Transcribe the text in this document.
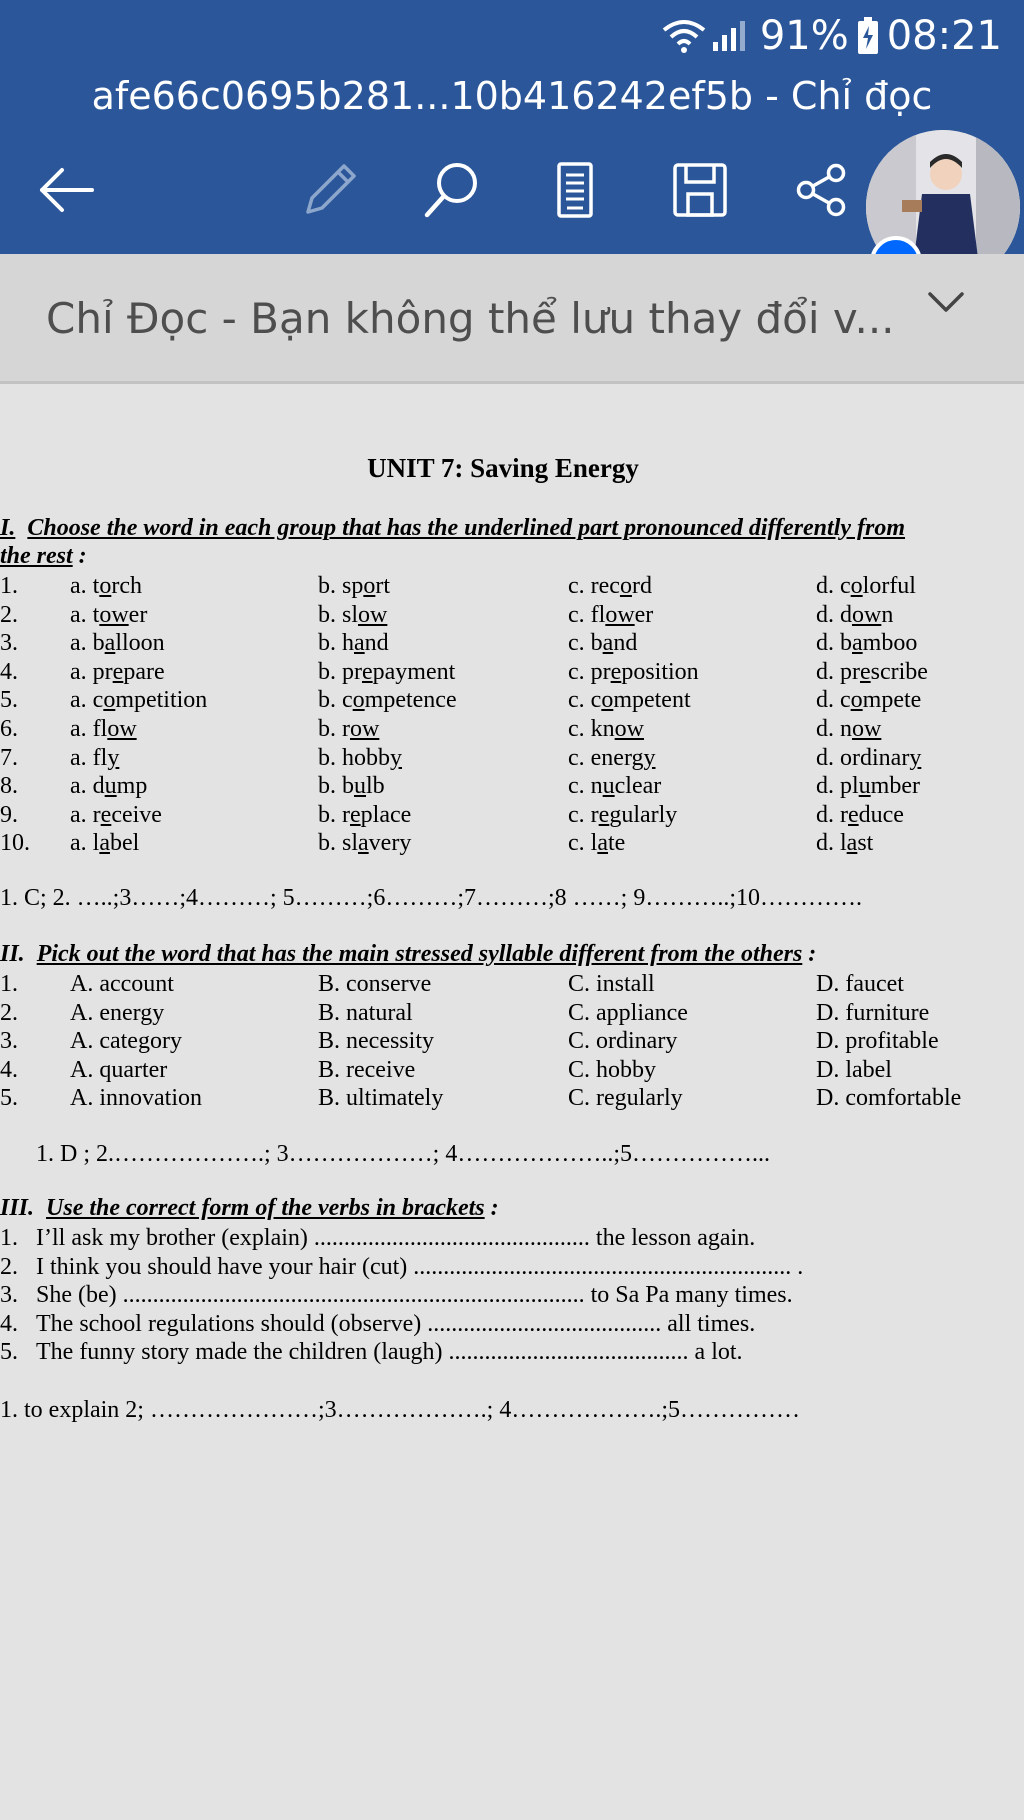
91% 08:21
afe66c0695b281...10b416242ef5b - Chỉ đọc
Chỉ Đọc - Bạn không thể lưu thay đổi v...
UNIT 7: Saving Energy
I. Choose the word in each group that has the underlined part pronounced differently from
the rest :
1. a. torch	b. sport	c. record	d. colorful
2. a. tower	b. slow	c. flower	d. down
3. a. balloon	b. hand	c. band	d. bamboo
4. a. prepare	b. prepayment	c. preposition	d. prescribe
5. a. competition	b. competence	c. competent	d. compete
6. a. flow	b. row	c. know	d. now
7. a. fly	b. hobby	c. energy	d. ordinary
8. a. dump	b. bulb	c. nuclear	d. plumber
9. a. receive	b. replace	c. regularly	d. reduce
10. a. label	b. slavery	c. late	d. last
1. C; 2. …..;3……;4………; 5………;6………;7………;8 ……; 9………..;10………….
II. Pick out the word that has the main stressed syllable different from the others :
1. A. account	B. conserve	C. install	D. faucet
2. A. energy	B. natural	C. appliance	D. furniture
3. A. category	B. necessity	C. ordinary	D. profitable
4. A. quarter	B. receive	C. hobby	D. label
5. A. innovation	B. ultimately	C. regularly	D. comfortable
1. D ; 2.……………….; 3………………; 4………………..;5……………...
III. Use the correct form of the verbs in brackets :
1. I’ll ask my brother (explain) .............................................. the lesson again.
2. I think you should have your hair (cut) ............................................................... .
3. She (be) ............................................................................. to Sa Pa many times.
4. The school regulations should (observe) ....................................... all times.
5. The funny story made the children (laugh) ........................................ a lot.
1. to explain 2; …………………;3……………….; 4……………….;5……………
